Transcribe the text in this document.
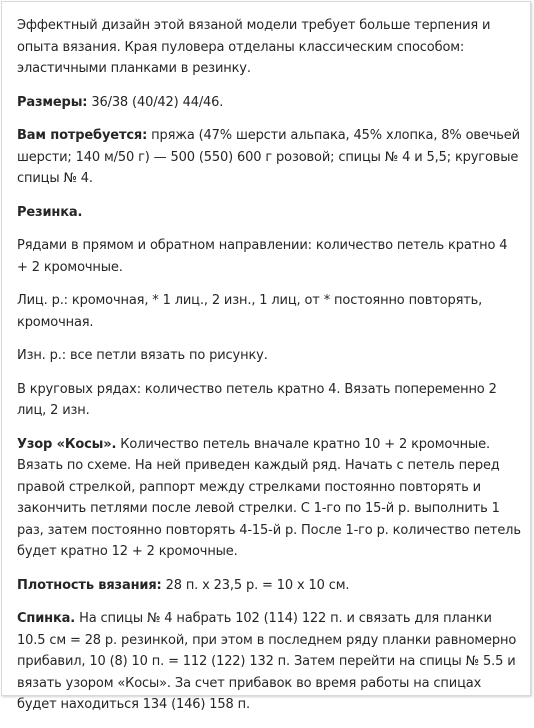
Эффектный дизайн этой вязаной модели требует больше терпения и опыта вязания. Края пуловера отделаны классическим способом: эластичными планками в резинку.

Размеры: 36/38 (40/42) 44/46.

Вам потребуется: пряжа (47% шерсти альпака, 45% хлопка, 8% овечьей шерсти; 140 м/50 г) — 500 (550) 600 г розовой; спицы № 4 и 5,5; круговые спицы № 4.

Резинка.

Рядами в прямом и обратном направлении: количество петель кратно 4 + 2 кромочные.

Лиц. р.: кромочная, * 1 лиц., 2 изн., 1 лиц, от * постоянно повторять, кромочная.

Изн. р.: все петли вязать по рисунку.

В круговых рядах: количество петель кратно 4. Вязать попеременно 2 лиц, 2 изн.

Узор «Косы». Количество петель вначале кратно 10 + 2 кромочные. Вязать по схеме. На ней приведен каждый ряд. Начать с петель перед правой стрелкой, раппорт между стрелками постоянно повторять и закончить петлями после левой стрелки. С 1-го по 15-й р. выполнить 1 раз, затем постоянно повторять 4-15-й р. После 1-го р. количество петель будет кратно 12 + 2 кромочные.

Плотность вязания: 28 п. х 23,5 р. = 10 х 10 см.

Спинка. На спицы № 4 набрать 102 (114) 122 п. и связать для планки 10.5 см = 28 р. резинкой, при этом в последнем ряду планки равномерно прибавил, 10 (8) 10 п. = 112 (122) 132 п. Затем перейти на спицы № 5.5 и вязать узором «Косы». За счет прибавок во время работы на спицах будет находиться 134 (146) 158 п.
